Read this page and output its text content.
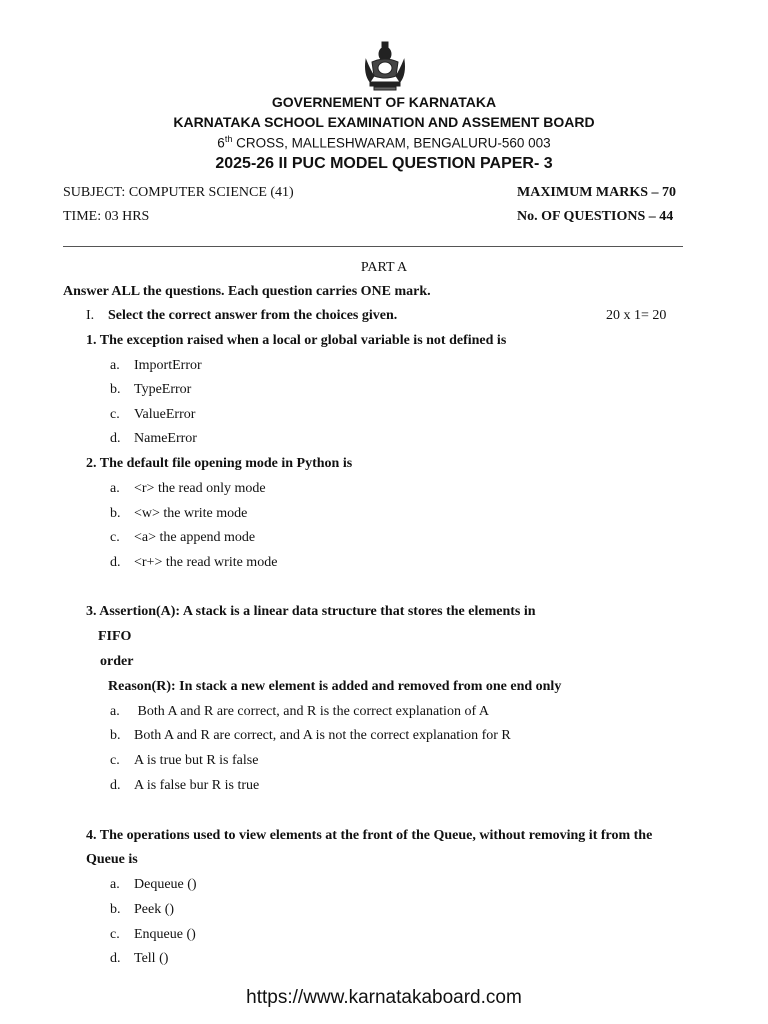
GOVERNEMENT OF KARNATAKA
KARNATAKA SCHOOL EXAMINATION AND ASSEMENT BOARD
6th CROSS, MALLESHWARAM, BENGALURU-560 003
2025-26 II PUC MODEL QUESTION PAPER- 3
SUBJECT: COMPUTER SCIENCE (41)	MAXIMUM MARKS – 70
TIME: 03 HRS	No. OF QUESTIONS – 44
PART A
Answer ALL the questions. Each question carries ONE mark.
I. Select the correct answer from the choices given.	20 x 1= 20
1. The exception raised when a local or global variable is not defined is
a. ImportError
b. TypeError
c. ValueError
d. NameError
2. The default file opening mode in Python is
a. <r> the read only mode
b. <w> the write mode
c. <a> the append mode
d. <r+> the read write mode
3. Assertion(A): A stack is a linear data structure that stores the elements in
FIFO
order
Reason(R): In stack a new element is added and removed from one end only
a. Both A and R are correct, and R is the correct explanation of A
b. Both A and R are correct, and A is not the correct explanation for R
c. A is true but R is false
d. A is false bur R is true
4. The operations used to view elements at the front of the Queue, without removing it from the
Queue is
a. Dequeue ()
b. Peek ()
c. Enqueue ()
d. Tell ()
https://www.karnatakaboard.com
